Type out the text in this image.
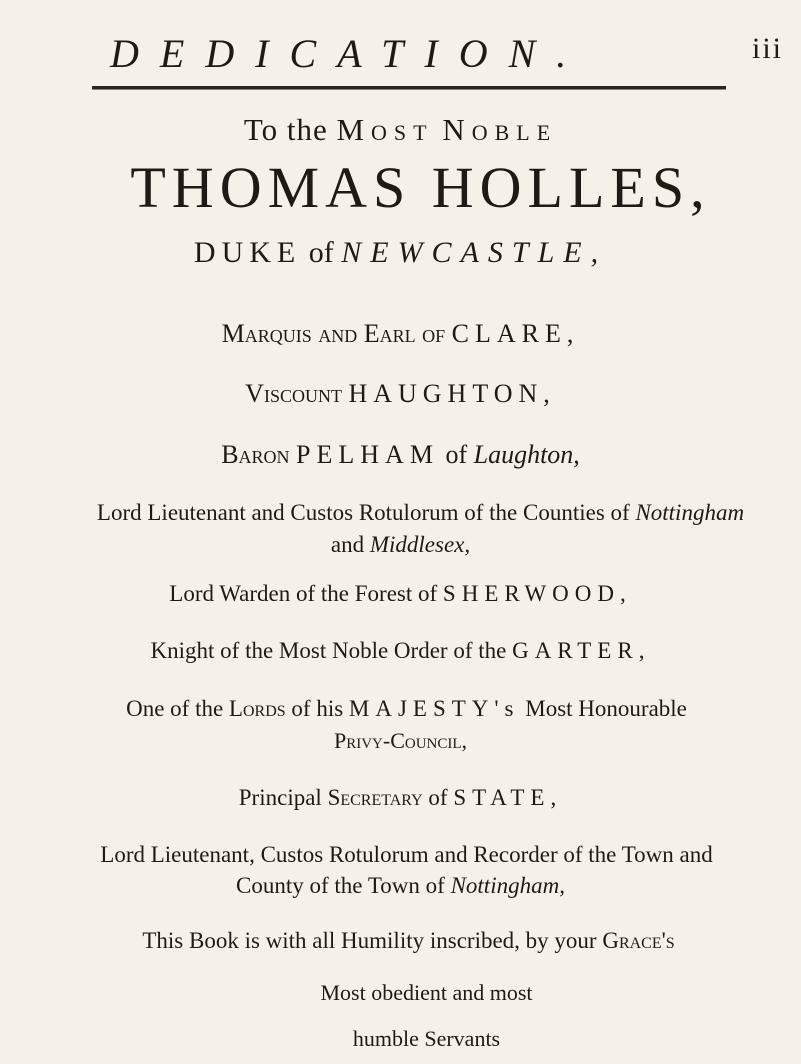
DEDICATION.	iii
To the Most Noble
THOMAS HOLLES,
DUKE of NEWCASTLE,
Marquis and Earl of CLARE,
Viscount HAUGHTON,
Baron PELHAM of Laughton,
Lord Lieutenant and Custos Rotulorum of the Counties of Nottingham
and Middlesex,
Lord Warden of the Forest of SHERWOOD,
Knight of the Most Noble Order of the GARTER,
One of the Lords of his MAJESTY's Most Honourable
Privy-Council,
Principal Secretary of STATE,
Lord Lieutenant, Custos Rotulorum and Recorder of the Town and
County of the Town of Nottingham,
This Book is with all Humility inscribed, by your Grace's
Most obedient and most
humble Servants
